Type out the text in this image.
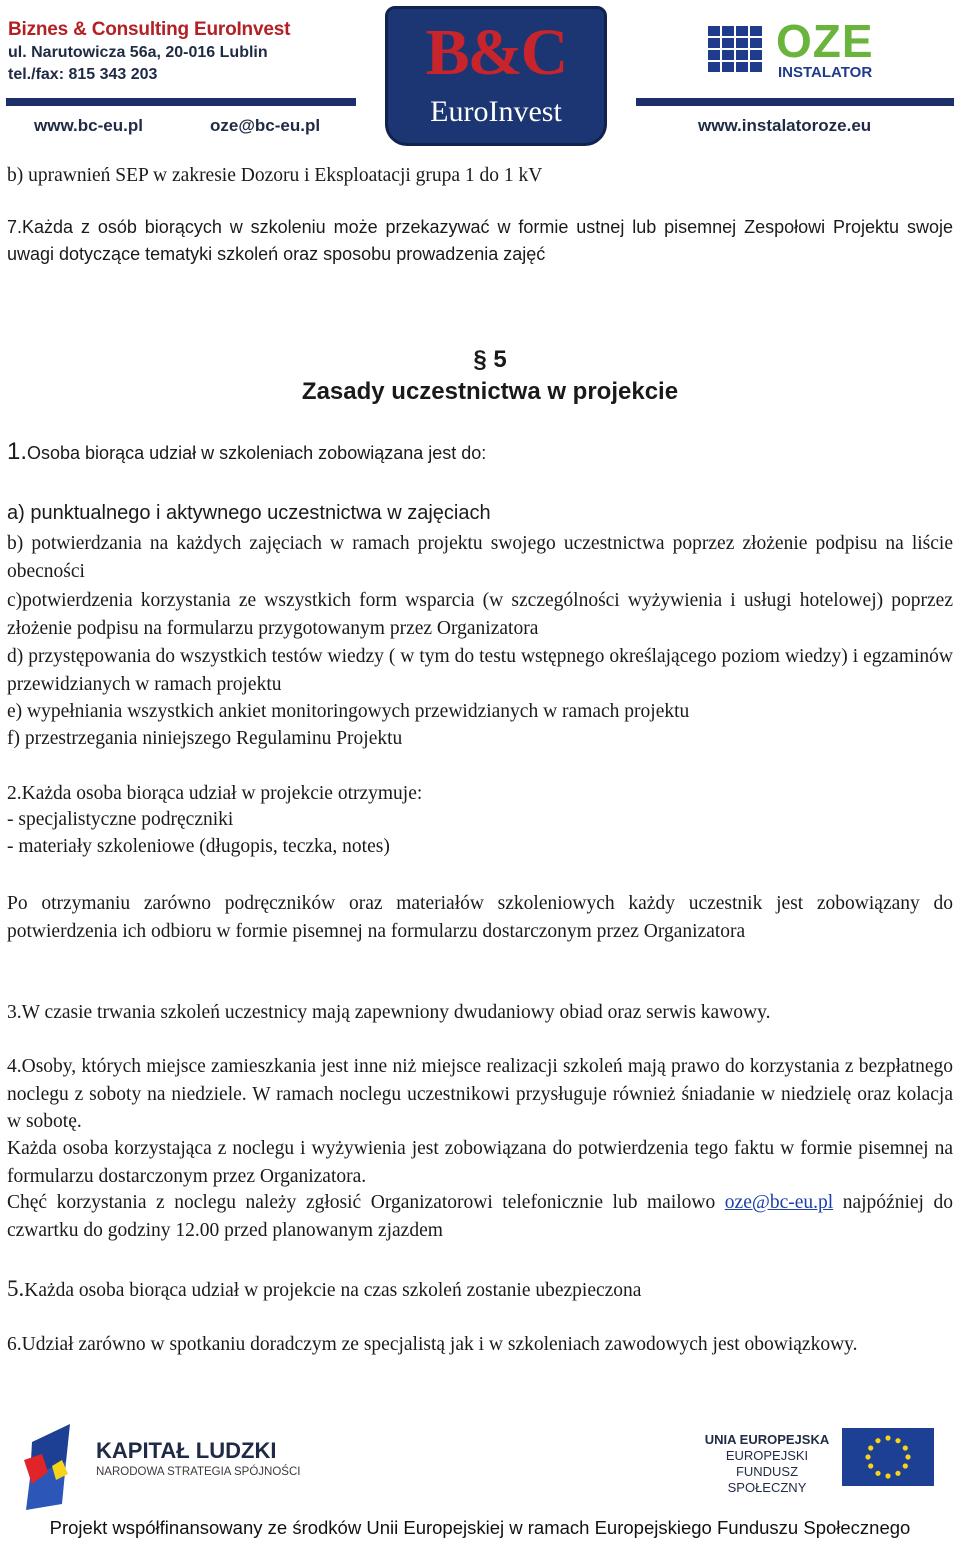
Biznes & Consulting EuroInvest
ul. Narutowicza 56a, 20-016 Lublin
tel./fax: 815 343 203
www.bc-eu.pl	oze@bc-eu.pl	www.instalatoroze.eu
B&C
EuroInvest
OZE
INSTALATOR
b) uprawnień SEP w zakresie Dozoru i Eksploatacji grupa 1 do 1 kV
7.Każda z osób biorących w szkoleniu może przekazywać w formie ustnej lub pisemnej Zespołowi Projektu swoje uwagi dotyczące tematyki szkoleń oraz sposobu prowadzenia zajęć
§ 5
Zasady uczestnictwa w projekcie
1.Osoba biorąca udział w szkoleniach zobowiązana jest do:
a) punktualnego i aktywnego uczestnictwa w zajęciach
b) potwierdzania na każdych zajęciach w ramach projektu swojego uczestnictwa poprzez złożenie podpisu na liście obecności
c)potwierdzenia korzystania ze wszystkich form wsparcia (w szczególności wyżywienia i usługi hotelowej) poprzez złożenie podpisu na formularzu przygotowanym przez Organizatora
d) przystępowania do wszystkich testów wiedzy ( w tym do testu wstępnego określającego poziom wiedzy) i egzaminów przewidzianych w ramach projektu
e) wypełniania wszystkich ankiet monitoringowych przewidzianych w ramach projektu
f) przestrzegania niniejszego Regulaminu Projektu
2.Każda osoba biorąca udział w projekcie otrzymuje:
- specjalistyczne podręczniki
- materiały szkoleniowe (długopis, teczka, notes)
Po otrzymaniu zarówno podręczników oraz materiałów szkoleniowych każdy uczestnik jest zobowiązany do potwierdzenia ich odbioru w formie pisemnej na formularzu dostarczonym przez Organizatora
3.W czasie trwania szkoleń uczestnicy mają zapewniony dwudaniowy obiad oraz serwis kawowy.
4.Osoby, których miejsce zamieszkania jest inne niż miejsce realizacji szkoleń mają prawo do korzystania z bezpłatnego noclegu z soboty na niedziele. W ramach noclegu uczestnikowi przysługuje również śniadanie w niedzielę oraz kolacja w sobotę.
Każda osoba korzystająca z noclegu i wyżywienia jest zobowiązana do potwierdzenia tego faktu w formie pisemnej na formularzu dostarczonym przez Organizatora.
Chęć korzystania z noclegu należy zgłosić Organizatorowi telefonicznie lub mailowo oze@bc-eu.pl najpóźniej do czwartku do godziny 12.00 przed planowanym zjazdem
5.Każda osoba biorąca udział w projekcie na czas szkoleń zostanie ubezpieczona
6.Udział zarówno w spotkaniu doradczym ze specjalistą jak i w szkoleniach zawodowych jest obowiązkowy.
KAPITAŁ LUDZKI
NARODOWA STRATEGIA SPÓJNOŚCI
UNIA EUROPEJSKA
EUROPEJSKI
FUNDUSZ SPOŁECZNY
Projekt współfinansowany ze środków Unii Europejskiej w ramach Europejskiego Funduszu Społecznego
